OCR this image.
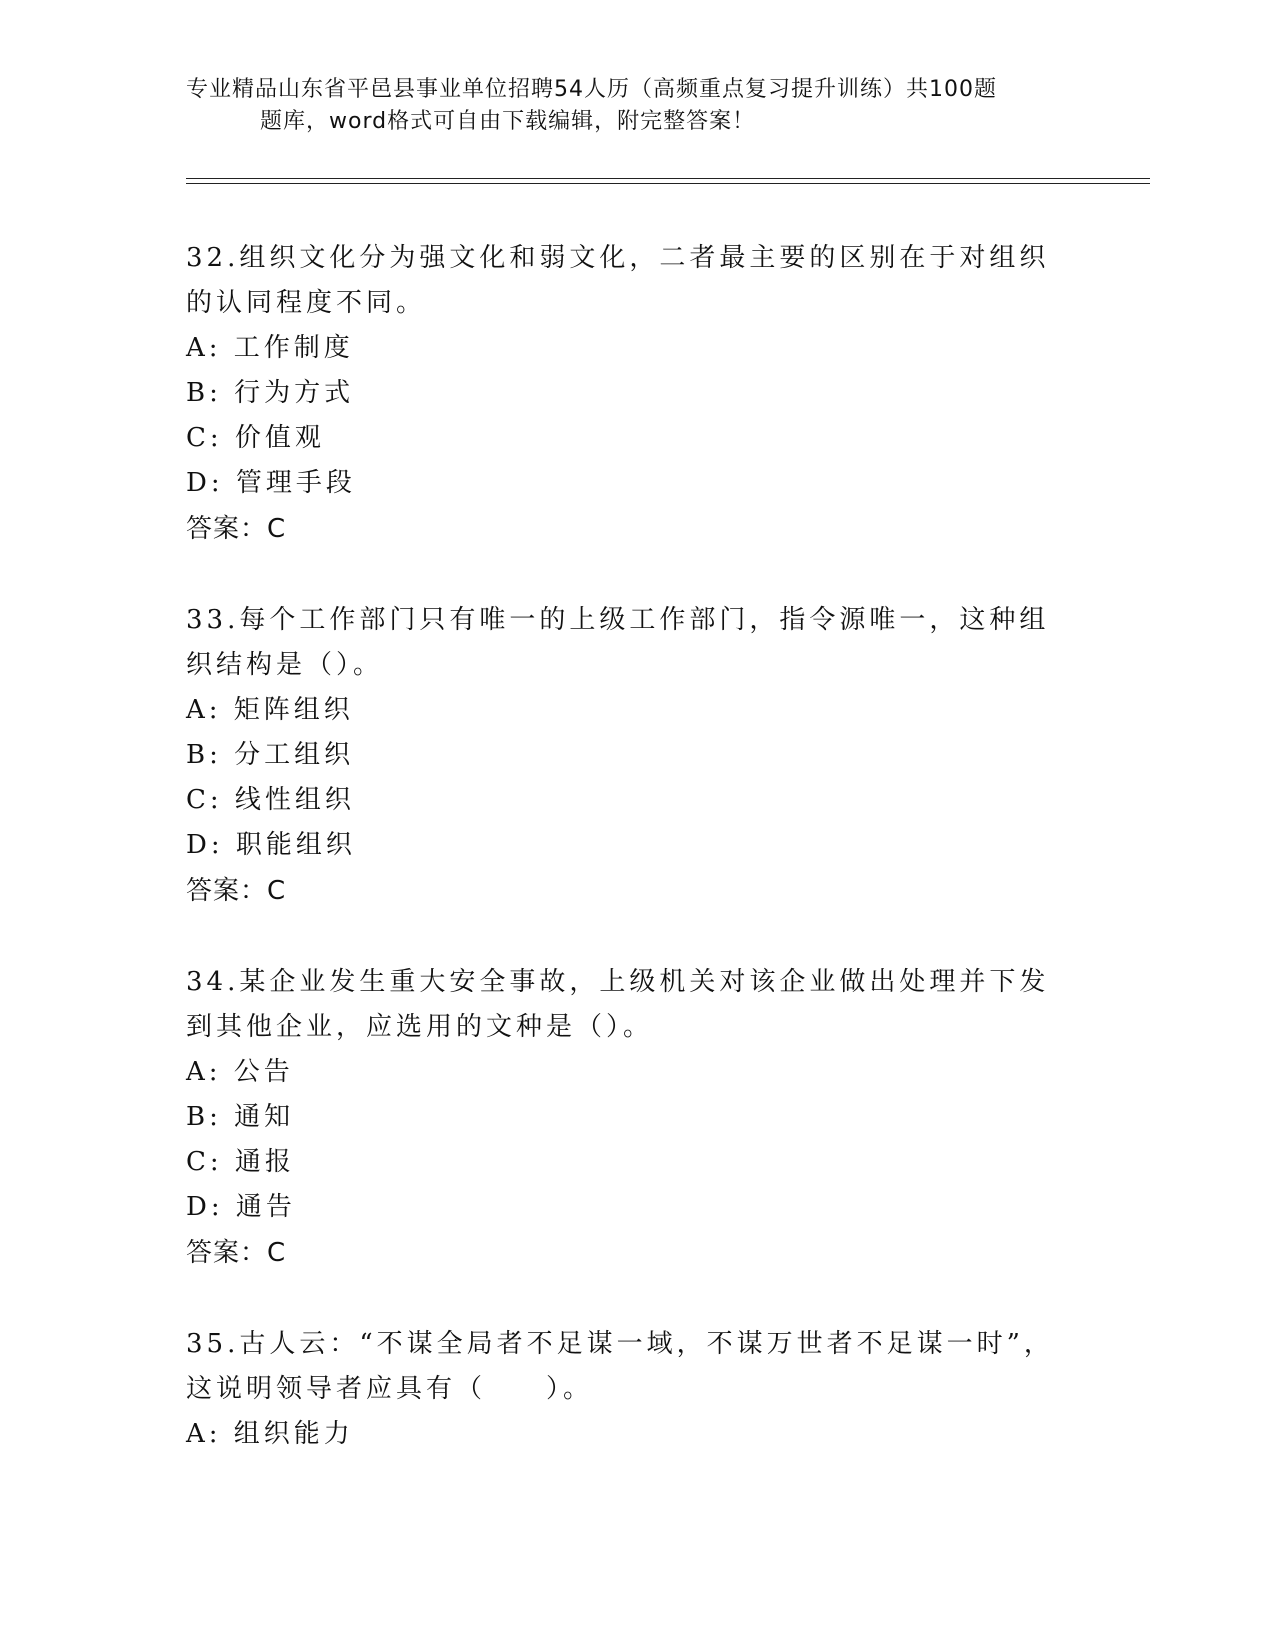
专业精品山东省平邑县事业单位招聘54人历（高频重点复习提升训练）共100题
题库，word格式可自由下载编辑，附完整答案！

32.组织文化分为强文化和弱文化，二者最主要的区别在于对组织的认同程度不同。

A: 工作制度
B: 行为方式
C: 价值观
D: 管理手段
答案：C

33.每个工作部门只有唯一的上级工作部门，指令源唯一，这种组织结构是（）。

A: 矩阵组织
B: 分工组织
C: 线性组织
D: 职能组织
答案：C

34.某企业发生重大安全事故，上级机关对该企业做出处理并下发到其他企业，应选用的文种是（）。

A: 公告
B: 通知
C: 通报
D: 通告
答案：C

35.古人云：“不谋全局者不足谋一域，不谋万世者不足谋一时”，这说明领导者应具有（　　）。

A: 组织能力
